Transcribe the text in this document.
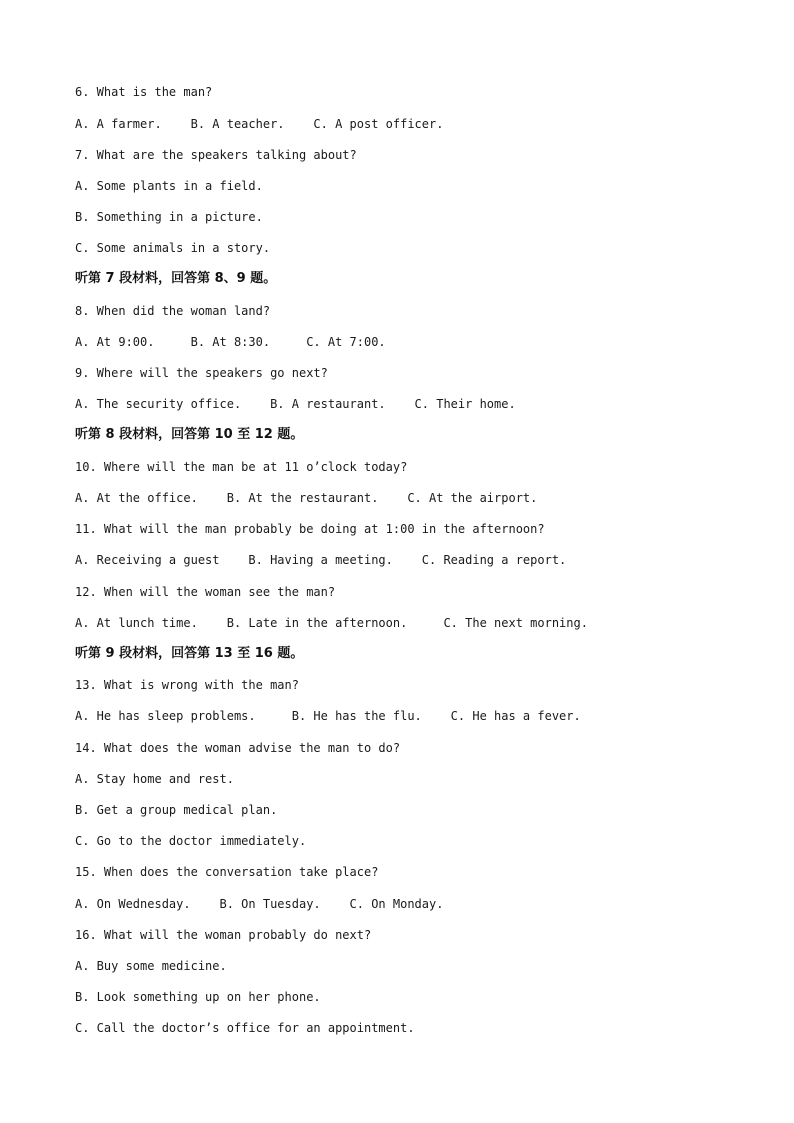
6. What is the man?
A. A farmer.    B. A teacher.    C. A post officer.
7. What are the speakers talking about?
A. Some plants in a field.
B. Something in a picture.
C. Some animals in a story.
听第 7 段材料，回答第 8、9 题。
8. When did the woman land?
A. At 9:00.     B. At 8:30.     C. At 7:00.
9. Where will the speakers go next?
A. The security office.    B. A restaurant.    C. Their home.
听第 8 段材料，回答第 10 至 12 题。
10. Where will the man be at 11 o’clock today?
A. At the office.    B. At the restaurant.    C. At the airport.
11. What will the man probably be doing at 1:00 in the afternoon?
A. Receiving a guest    B. Having a meeting.    C. Reading a report.
12. When will the woman see the man?
A. At lunch time.    B. Late in the afternoon.     C. The next morning.
听第 9 段材料，回答第 13 至 16 题。
13. What is wrong with the man?
A. He has sleep problems.     B. He has the flu.    C. He has a fever.
14. What does the woman advise the man to do?
A. Stay home and rest.
B. Get a group medical plan.
C. Go to the doctor immediately.
15. When does the conversation take place?
A. On Wednesday.    B. On Tuesday.    C. On Monday.
16. What will the woman probably do next?
A. Buy some medicine.
B. Look something up on her phone.
C. Call the doctor’s office for an appointment.
